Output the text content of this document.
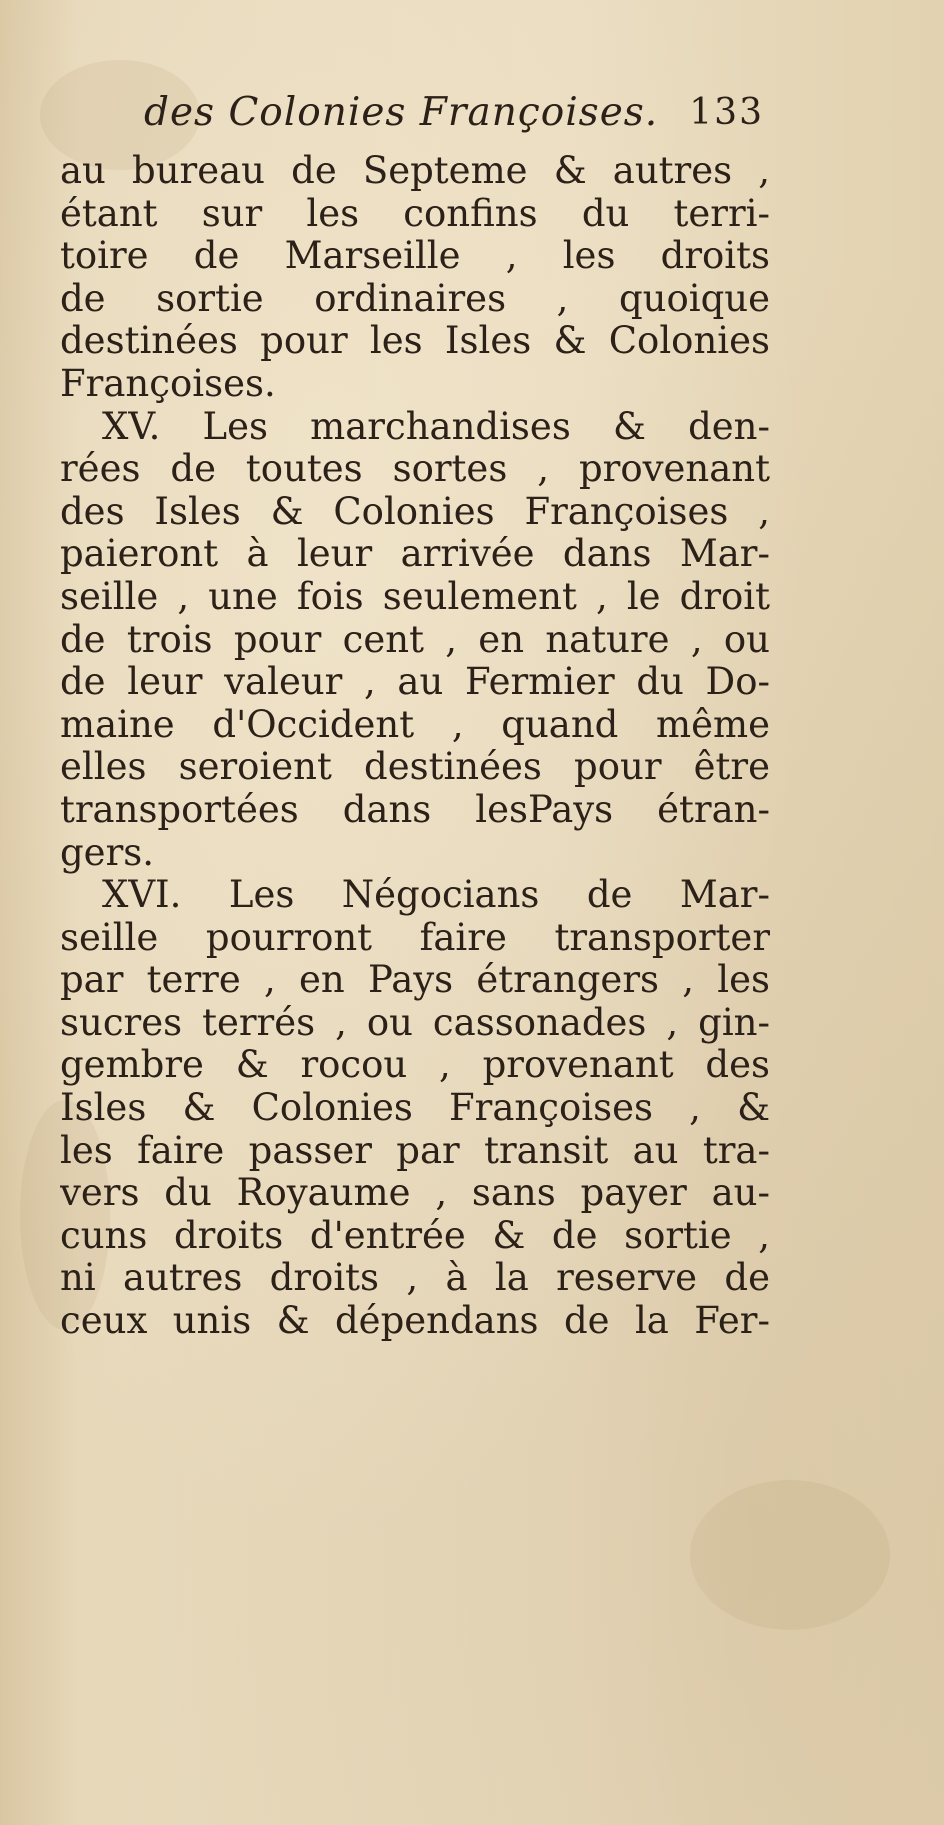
des Colonies Françoises. 133
au bureau de Septeme & autres ,
étant sur les confins du terri-
toire de Marseille , les droits
de sortie ordinaires , quoique
destinées pour les Isles & Colonies
Françoises.
XV. Les marchandises & den-
rées de toutes sortes , provenant
des Isles & Colonies Françoises ,
paieront à leur arrivée dans Mar-
seille , une fois seulement , le droit
de trois pour cent , en nature , ou
de leur valeur , au Fermier du Do-
maine d'Occident , quand même
elles seroient destinées pour être
transportées dans lesPays étran-
gers.
XVI. Les Négocians de Mar-
seille pourront faire transporter
par terre , en Pays étrangers , les
sucres terrés , ou cassonades , gin-
gembre & rocou , provenant des
Isles & Colonies Françoises , &
les faire passer par transit au tra-
vers du Royaume , sans payer au-
cuns droits d'entrée & de sortie ,
ni autres droits , à la reserve de
ceux unis & dépendans de la Fer-
